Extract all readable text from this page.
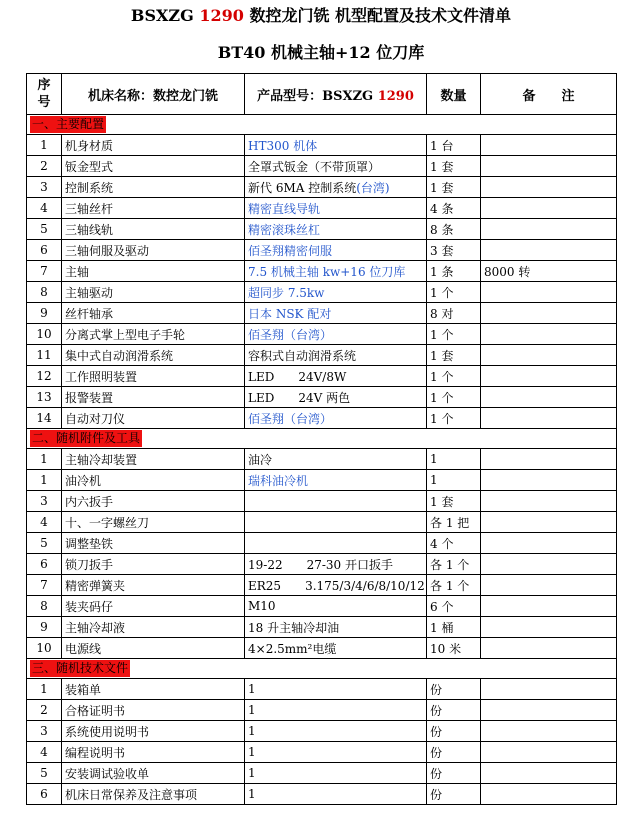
BSXZG 1290 数控龙门铣 机型配置及技术文件清单
BT40 机械主轴+12 位刀库
序号	机床名称：数控龙门铣	产品型号：BSXZG 1290	数量	备　　注
一、主要配置				
1	机身材质	HT300 机体	1 台	
2	钣金型式	全罩式钣金（不带顶罩）	1 套	
3	控制系统	新代 6MA 控制系统(台湾)	1 套	
4	三轴丝杆	精密直线导轨	4 条	
5	三轴线轨	精密滚珠丝杠	8 条	
6	三轴伺服及驱动	佰圣翔精密伺服	3 套	
7	主轴	7.5 机械主轴 kw+16 位刀库	1 条	8000 转
8	主轴驱动	超同步 7.5kw	1 个	
9	丝杆轴承	日本 NSK 配对	8 对	
10	分离式掌上型电子手轮	佰圣翔（台湾）	1 个	
11	集中式自动润滑系统	容积式自动润滑系统	1 套	
12	工作照明装置	LED　　24V/8W	1 个	
13	报警装置	LED　　24V 两色	1 个	
14	自动对刀仪	佰圣翔（台湾）	1 个	
二、随机附件及工具				
1	主轴冷却装置	油冷	1	
1	油冷机	瑞科油冷机	1	
3	内六扳手		1 套	
4	十、一字螺丝刀		各 1 把	
5	调整垫铁		4 个	
6	锁刀扳手	19-22　　27-30 开口扳手	各 1 个	
7	精密弹簧夹	ER25　　3.175/3/4/6/8/10/12	各 1 个	
8	装夹码仔	M10	6 个	
9	主轴冷却液	18 升主轴冷却油	1 桶	
10	电源线	4×2.5mm²电缆	10 米	
三、随机技术文件				
1	装箱单	1	份	
2	合格证明书	1	份	
3	系统使用说明书	1	份	
4	编程说明书	1	份	
5	安装调试验收单	1	份	
6	机床日常保养及注意事项	1	份	
